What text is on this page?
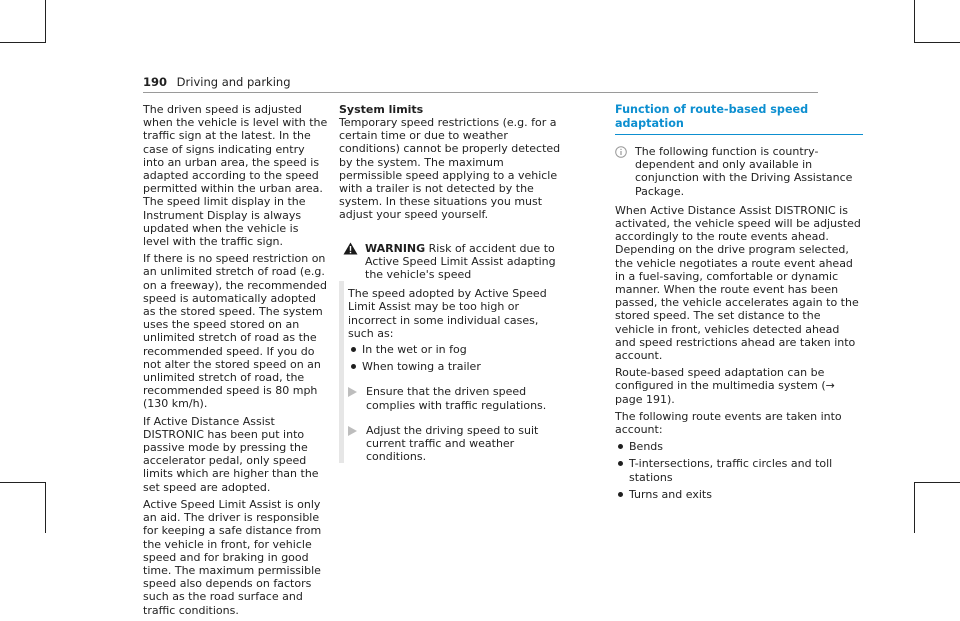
190 Driving and parking

The driven speed is adjusted when the vehicle is level with the traffic sign at the latest. In the case of signs indicating entry into an urban area, the speed is adapted according to the speed permitted within the urban area. The speed limit display in the Instrument Display is always updated when the vehicle is level with the traffic sign.

If there is no speed restriction on an unlimited stretch of road (e.g. on a freeway), the recommended speed is automatically adopted as the stored speed. The system uses the speed stored on an unlimited stretch of road as the recommended speed. If you do not alter the stored speed on an unlimited stretch of road, the recommended speed is 80 mph (130 km/h).

If Active Distance Assist DISTRONIC has been put into passive mode by pressing the accelerator pedal, only speed limits which are higher than the set speed are adopted.

Active Speed Limit Assist is only an aid. The driver is responsible for keeping a safe distance from the vehicle in front, for vehicle speed and for braking in good time. The maximum permissible speed also depends on factors such as the road surface and traffic conditions.

System limits

Temporary speed restrictions (e.g. for a certain time or due to weather conditions) cannot be properly detected by the system. The maximum permissible speed applying to a vehicle with a trailer is not detected by the system. In these situations you must adjust your speed yourself.

WARNING Risk of accident due to Active Speed Limit Assist adapting the vehicle's speed
The speed adopted by Active Speed Limit Assist may be too high or incorrect in some individual cases, such as:
In the wet or in fog
When towing a trailer
Ensure that the driven speed complies with traffic regulations.
Adjust the driving speed to suit current traffic and weather conditions.
Function of route-based speed adaptation
The following function is country-dependent and only available in conjunction with the Driving Assistance Package.

When Active Distance Assist DISTRONIC is activated, the vehicle speed will be adjusted accordingly to the route events ahead. Depending on the drive program selected, the vehicle negotiates a route event ahead in a fuel-saving, comfortable or dynamic manner. When the route event has been passed, the vehicle accelerates again to the stored speed. The set distance to the vehicle in front, vehicles detected ahead and speed restrictions ahead are taken into account.

Route-based speed adaptation can be configured in the multimedia system (→ page 191).

The following route events are taken into account:

Bends
T-intersections, traffic circles and toll stations
Turns and exits
